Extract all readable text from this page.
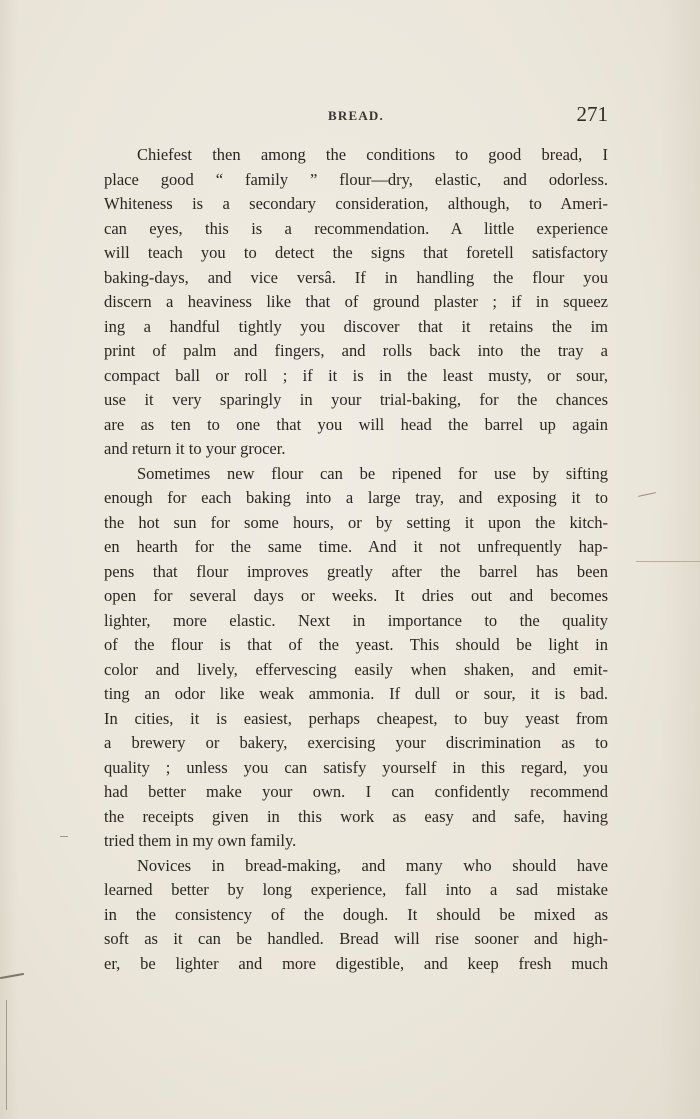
BREAD.	271
Chiefest then among the conditions to good bread, I
place good “ family ” flour—dry, elastic, and odorless.
Whiteness is a secondary consideration, although, to Ameri-
can eyes, this is a recommendation. A little experience
will teach you to detect the signs that foretell satisfactory
baking-days, and vice versâ. If in handling the flour you
discern a heaviness like that of ground plaster ; if in squeez
ing a handful tightly you discover that it retains the im
print of palm and fingers, and rolls back into the tray a
compact ball or roll ; if it is in the least musty, or sour,
use it very sparingly in your trial-baking, for the chances
are as ten to one that you will head the barrel up again
and return it to your grocer.
Sometimes new flour can be ripened for use by sifting
enough for each baking into a large tray, and exposing it to
the hot sun for some hours, or by setting it upon the kitch-
en hearth for the same time. And it not unfrequently hap-
pens that flour improves greatly after the barrel has been
open for several days or weeks. It dries out and becomes
lighter, more elastic. Next in importance to the quality
of the flour is that of the yeast. This should be light in
color and lively, effervescing easily when shaken, and emit-
ting an odor like weak ammonia. If dull or sour, it is bad.
In cities, it is easiest, perhaps cheapest, to buy yeast from
a brewery or bakery, exercising your discrimination as to
quality ; unless you can satisfy yourself in this regard, you
had better make your own. I can confidently recommend
the receipts given in this work as easy and safe, having
tried them in my own family.
Novices in bread-making, and many who should have
learned better by long experience, fall into a sad mistake
in the consistency of the dough. It should be mixed as
soft as it can be handled. Bread will rise sooner and high-
er, be lighter and more digestible, and keep fresh much
